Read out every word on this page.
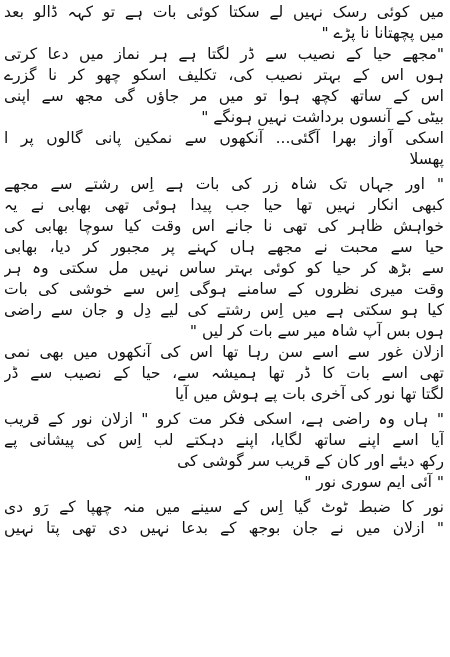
میں کوئی رسک نہیں لے سکتا کوئی بات ہے تو کہہ ڈالو بعد
میں پچھتانا نا پڑے "
"مجھے حیا کے نصیب سے ڈر لگتا ہے ہر نماز میں دعا کرتی
ہوں اس کے بہتر نصیب کی، تکلیف اسکو چھو کر نا گزرے
اس کے ساتھ کچھ ہوا تو میں مر جاؤں گی مجھ سے اپنی
بیٹی کے آنسوں برداشت نہیں ہونگے "
اسکی آواز بھرا آگئی... آنکھوں سے نمکین پانی گالوں پر ا
پھسلا
" اور جہاں تک شاہ زر کی بات ہے اِس رشتے سے مجھے
کبھی انکار نہیں تھا حیا جب پیدا ہوئی تھی بھابی نے یہ
خواہش ظاہر کی تھی نا جانے اس وقت کیا سوچا بھابی کی
حیا سے محبت نے مجھے ہاں کہنے پر مجبور کر دیا، بھابی
سے بڑھ کر حیا کو کوئی بہتر ساس نہیں مل سکتی وہ ہر
وقت میری نظروں کے سامنے ہوگی اِس سے خوشی کی بات
کیا ہو سکتی ہے میں اِس رشتے کی لیے دِل و جان سے راضی
ہوں بس آپ شاہ میر سے بات کر لیں "
ازلان غور سے اسے سن رہا تھا اس کی آنکھوں میں بھی نمی
تھی اسے بات کا ڈر تھا ہمیشہ سے، حیا کے نصیب سے ڈر
لگتا تھا نور کی آخری بات پے ہوش میں آیا
" ہاں وہ راضی ہے، اسکی فکر مت کرو " ازلان نور کے قریب
آیا اسے اپنے ساتھ لگایا، اپنے دہکتے لب اِس کی پیشانی پے
رکھ دیئے اور کان کے قریب سر گوشی کی
" آئی ایم سوری نور "
نور کا ضبط ٹوٹ گیا اِس کے سینے میں منہ چھپا کے رَو دی
" ازلان میں نے جان بوجھ کے بدعا نہیں دی تھی پتا نہیں
